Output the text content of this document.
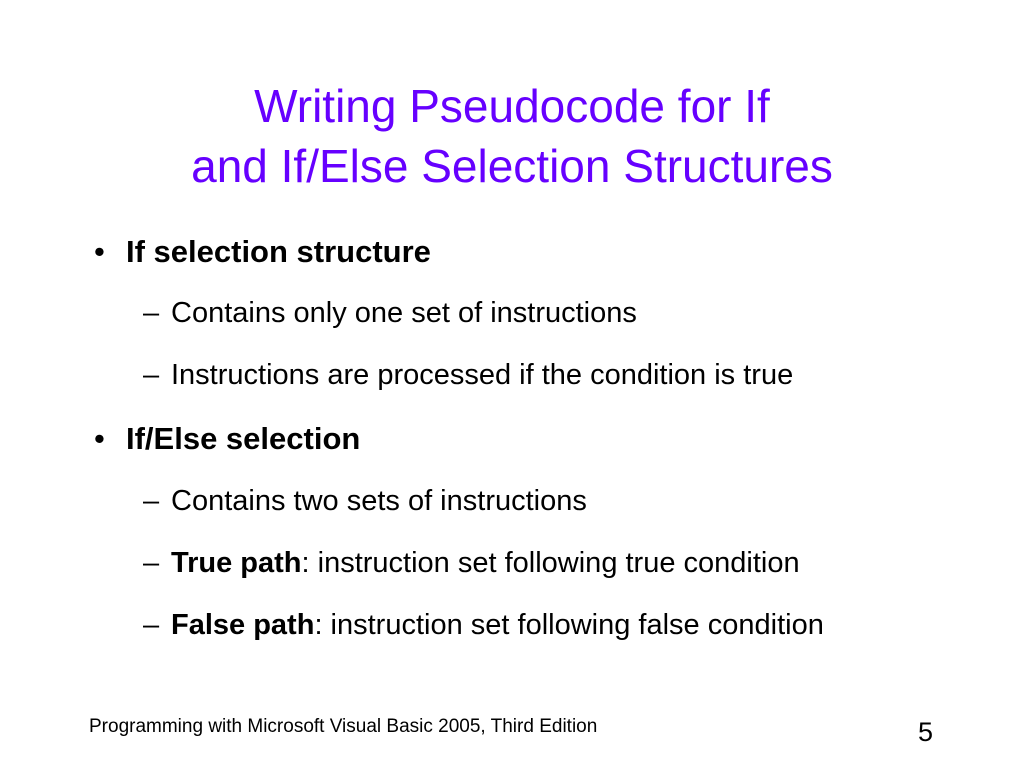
Writing Pseudocode for If
and If/Else Selection Structures
• If selection structure
– Contains only one set of instructions
– Instructions are processed if the condition is true
• If/Else selection
– Contains two sets of instructions
– True path: instruction set following true condition
– False path: instruction set following false condition
Programming with Microsoft Visual Basic 2005, Third Edition	5
